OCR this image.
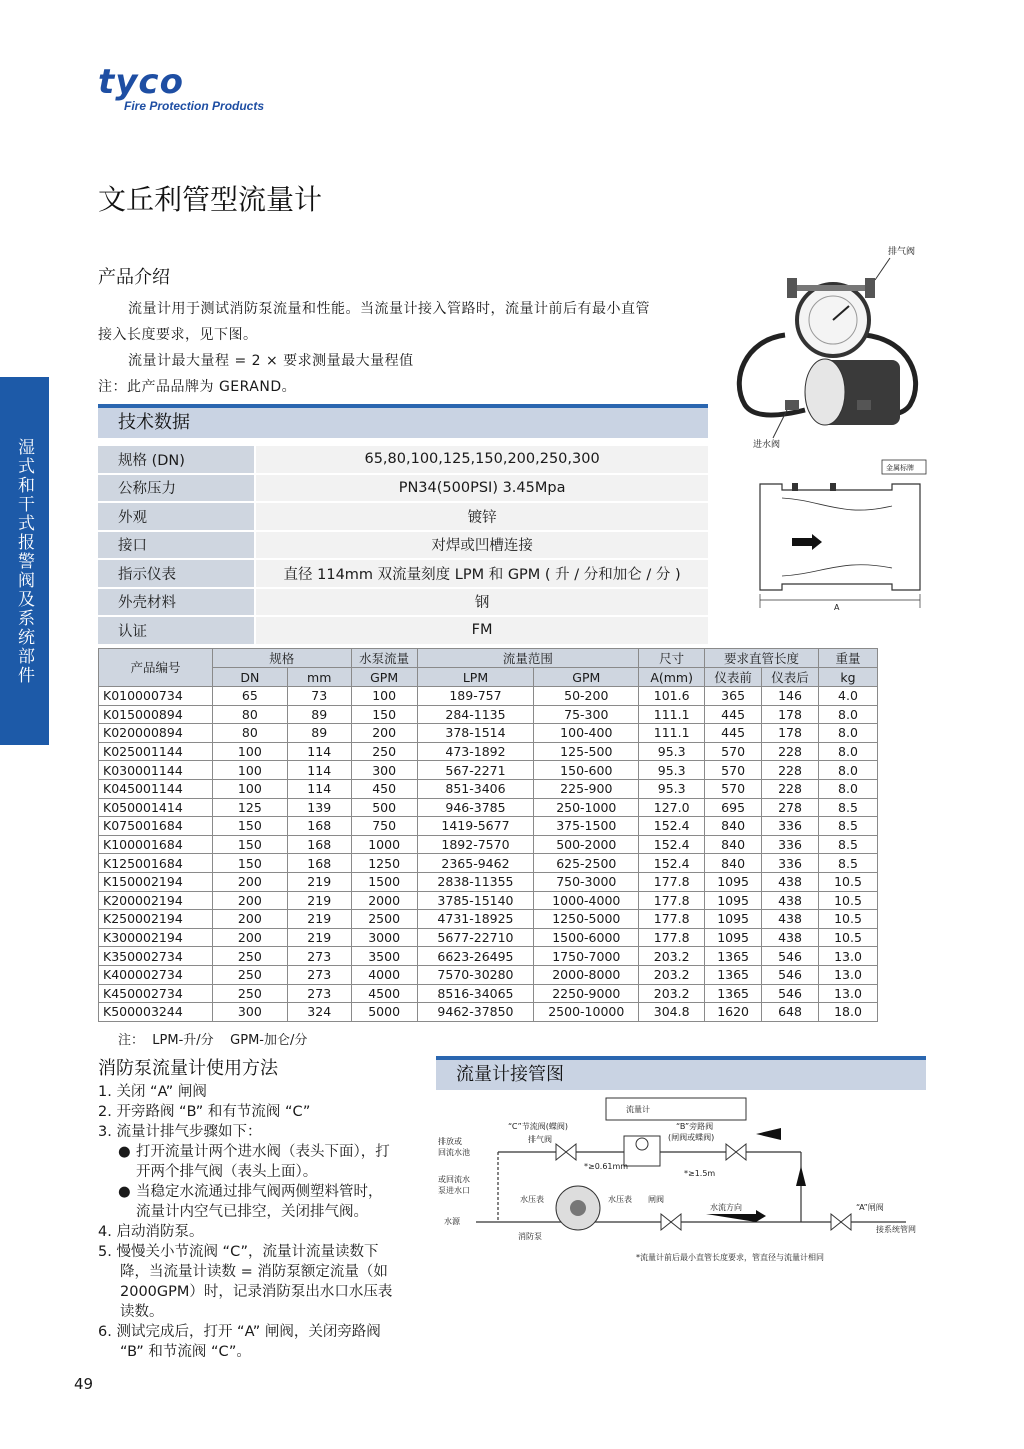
tyco
Fire Protection Products
文丘利管型流量计
湿式和干式报警阀及系统部件
产品介绍

流量计用于测试消防泵流量和性能。当流量计接入管路时，流量计前后有最小直管

接入长度要求，见下图。

流量计最大量程 = 2 × 要求测量最大量程值

注：此产品品牌为 GERAND。

排气阀
进水阀
金属标牌
A
技术数据
规格 (DN)	65,80,100,125,150,200,250,300
公称压力	PN34(500PSI) 3.45Mpa
外观	镀锌
接口	对焊或凹槽连接
指示仪表	直径 114mm 双流量刻度 LPM 和 GPM ( 升 / 分和加仑 / 分 )
外壳材料	钢
认证	FM
产品编号	规格		水泵流量	流量范围		尺寸	要求直管长度		重量
	DN	mm	GPM	LPM	GPM	A(mm)	仪表前	仪表后	kg
K010000734	65	73	100	189-757	50-200	101.6	365	146	4.0
K015000894	80	89	150	284-1135	75-300	111.1	445	178	8.0
K020000894	80	89	200	378-1514	100-400	111.1	445	178	8.0
K025001144	100	114	250	473-1892	125-500	95.3	570	228	8.0
K030001144	100	114	300	567-2271	150-600	95.3	570	228	8.0
K045001144	100	114	450	851-3406	225-900	95.3	570	228	8.0
K050001414	125	139	500	946-3785	250-1000	127.0	695	278	8.5
K075001684	150	168	750	1419-5677	375-1500	152.4	840	336	8.5
K100001684	150	168	1000	1892-7570	500-2000	152.4	840	336	8.5
K125001684	150	168	1250	2365-9462	625-2500	152.4	840	336	8.5
K150002194	200	219	1500	2838-11355	750-3000	177.8	1095	438	10.5
K200002194	200	219	2000	3785-15140	1000-4000	177.8	1095	438	10.5
K250002194	200	219	2500	4731-18925	1250-5000	177.8	1095	438	10.5
K300002194	200	219	3000	5677-22710	1500-6000	177.8	1095	438	10.5
K350002734	250	273	3500	6623-26495	1750-7000	203.2	1365	546	13.0
K400002734	250	273	4000	7570-30280	2000-8000	203.2	1365	546	13.0
K450002734	250	273	4500	8516-34065	2250-9000	203.2	1365	546	13.0
K500003244	300	324	5000	9462-37850	2500-10000	304.8	1620	648	18.0
注：  LPM-升/分    GPM-加仑/分
消防泵流量计使用方法
1. 关闭 “A” 闸阀
2. 开旁路阀 “B” 和有节流阀 “C”
3. 流量计排气步骤如下：
● 打开流量计两个进水阀（表头下面），打
开两个排气阀（表头上面）。
● 当稳定水流通过排气阀两侧塑料管时，
流量计内空气已排空，关闭排气阀。
4. 启动消防泵。
5. 慢慢关小节流阀 “C”，流量计流量读数下
降，当流量计读数 = 消防泵额定流量（如
2000GPM）时，记录消防泵出水口水压表
读数。
6. 测试完成后，打开 “A” 闸阀，关闭旁路阀
“B” 和节流阀 “C”。
流量计接管图
流量计
“C”节流阀(蝶阀)
排气阀
“B”旁路阀
(闸阀或蝶阀)
排放或
回流水池
或回流水
泵进水口
*≥0.61mm
*≥1.5m
水源
消防泵
水压表	水压表 闸阀
水流方向	“A”闸阀
接系统管网
*流量计前后最小直管长度要求，管直径与流量计相同
49
